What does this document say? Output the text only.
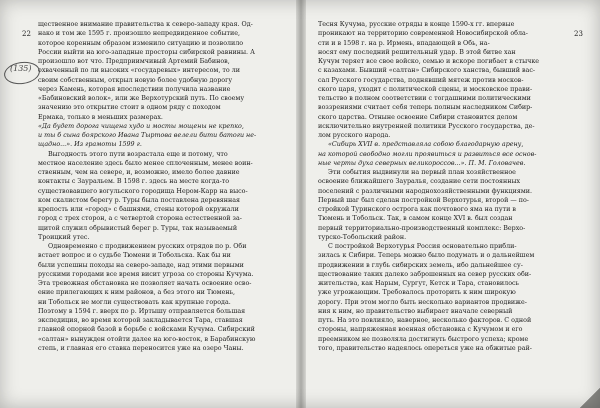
22	23
(135)
щественное внимание правительства к северо-западу края. Од-
нако и том же 1595 г. произошло непредвиденное событие,
которое коренным образом изменило ситуацию и позволило
России выйти на юго-западные просторы сибирской равнины. А
произошло вот что. Предприимчивый Артемий Бабинов,
охваченный по ли высоких «государевых» интересом, то ли
своим собственным, открыл новую более удобную дорогу
через Камень, которая впоследствии получила название
«Бабиновский волок», или же Верхотурский путь. По своему
значению это открытие стоит в одном ряду с походом
Ермака, только в меньших размерах.
«Да будет дорога чищена худо и мосты мощены не крепко,
и ты б сына боярского Ивана Тыртова велели бити батоги не-
щадно...». Из грамоты 1599 г.
Выгодность этого пути возрастала еще и потому, что
местное население здесь было менее сплоченным, менее воин-
ственным, чем на севере, и, возможно, имело более давние
контакты с Зауральем. В 1598 г. здесь на месте когда-то
существовавшего вогульского городища Нером-Карр на высо-
ком скалистом берегу р. Туры была поставлена деревянная
крепость или «город» с башнями, стены которой окружали
город с трех сторон, а с четвертой сторона естественной за-
щитой служил обрывистый берег р. Туры, так называемый
Троицкий утес.
Одновременно с продвижением русских отрядов по р. Оби
встает вопрос и о судьбе Тюмени и Тобольска. Как бы ни
были успешны походы на северо-западе, над этими первыми
русскими городами все время висит угроза со стороны Кучума.
Эта тревожная обстановка не позволяет начать освоение осво-
ение прилегающих к ним районов, а без этого ни Тюмень,
ни Тобольск не могли существовать как крупные города.
Поэтому в 1594 г. вверх по р. Иртышу отправляется большая
экспедиция, во время которой закладывается Тара, ставшая
главной опорной базой в борьбе с войсками Кучума. Сибирский
«салтан» вынужден отойти далее на юго-восток, в Барабинскую
степь, и главная его ставка переносится уже на озеро Чаны.
Тесня Кучума, русские отряды в конце 1590-х гг. впервые
проникают на территорию современной Новосибирской обла-
сти и в 1598 г. на р. Ирмень, впадающей в Обь, на-
носят ему последний решительный удар. В этой битве хан
Кучум теряет все свое войско, семью и вскоре погибает в стычке
с казахами. Бывший «салтан» Сибирского ханства, бывший вас-
сал Русского государства, поднявший мятеж против москов-
ского царя, уходит с политической сцены, и московское прави-
тельство в полном соответствии с тогдашними политическими
воззрениями считает себя теперь полным наследником Сибир-
ского царства. Отныне освоение Сибири становится делом
исключительно внутренней политики Русского государства, де-
лом русского народа.
«Сибирь XVII в. представляла собою благодарную арену,
на которой свободно могли проявиться и развиться все основ-
ные черты духа северных великороссов...». П. М. Головачев.
Эти события выдвинули на первый план хозяйственное
освоение ближайшего Зауралья, создание сети постоянных
поселений с различными народнохозяйственными функциями.
Первый шаг был сделан постройкой Верхотурья, второй — по-
стройкой Туринского острога как почтового яма на пути в
Тюмень и Тобольск. Так, в самом конце XVI в. был создан
первый территориально-производственный комплекс: Верхо-
турско-Тобольский район.
С постройкой Верхотурья Россия основательно прибли-
зилась к Сибири. Теперь можно было подумать и о дальнейшем
продвижении в глубь сибирских земель, ибо дальнейшее су-
ществование таких далеко заброшенных на север русских оби-
жительства, как Нарым, Сургут, Кетск и Тара, становилось
уже угрожающим. Требовалось проторить к ним широкую
дорогу. При этом могло быть несколько вариантов продвиже-
ния к ним, но правительство выбирает вначале северный
путь. На это повлияло, наверное, несколько факторов. С одной
стороны, напряженная военная обстановка с Кучумом и его
преемником не позволяла достигнуть быстрого успеха; кроме
того, правительство надеялось опереться уже на обжитые рай-
